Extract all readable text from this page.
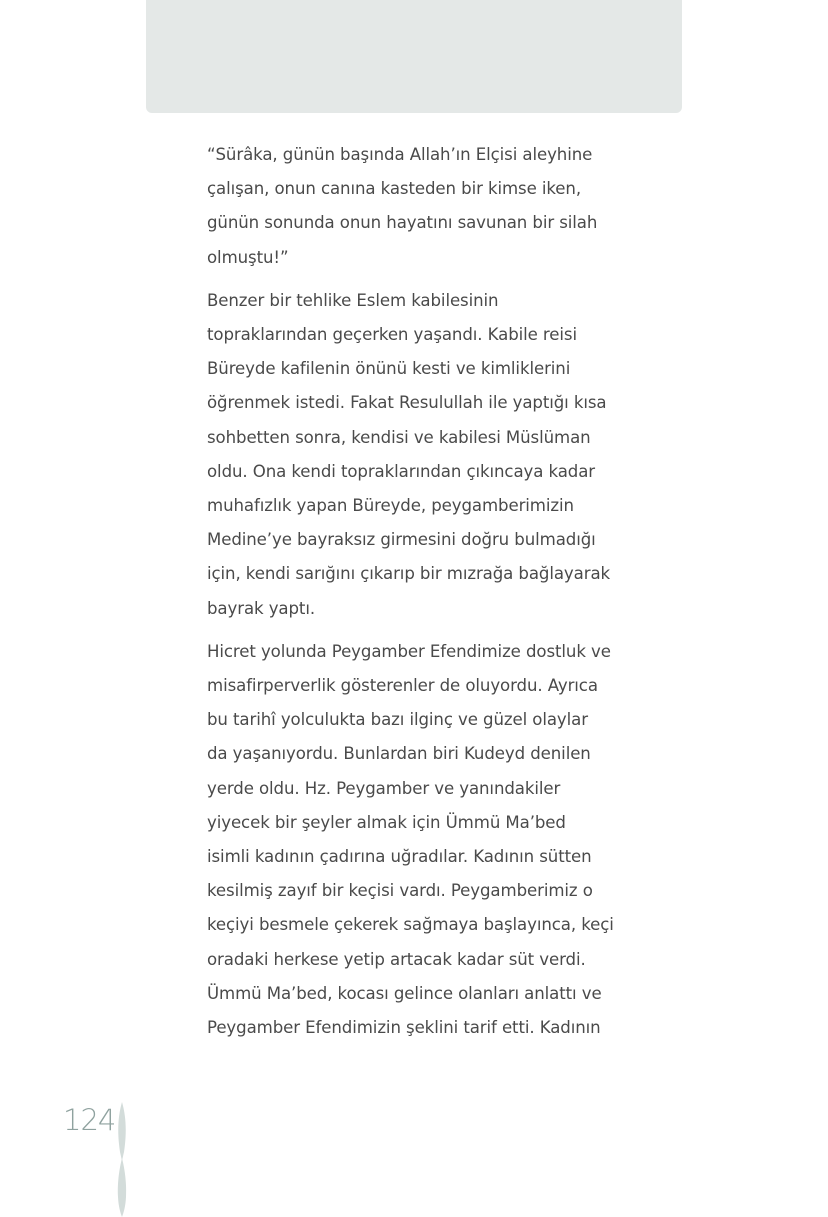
“Sürâka, günün başında Allah’ın Elçisi aleyhine
çalışan, onun canına kasteden bir kimse iken,
günün sonunda onun hayatını savunan bir silah
olmuştu!”

Benzer bir tehlike Eslem kabilesinin
topraklarından geçerken yaşandı. Kabile reisi
Büreyde kafilenin önünü kesti ve kimliklerini
öğrenmek istedi. Fakat Resulullah ile yaptığı kısa
sohbetten sonra, kendisi ve kabilesi Müslüman
oldu. Ona kendi topraklarından çıkıncaya kadar
muhafızlık yapan Büreyde, peygamberimizin
Medine’ye bayraksız girmesini doğru bulmadığı
için, kendi sarığını çıkarıp bir mızrağa bağlayarak
bayrak yaptı.

Hicret yolunda Peygamber Efendimize dostluk ve
misafirperverlik gösterenler de oluyordu. Ayrıca
bu tarihî yolculukta bazı ilginç ve güzel olaylar
da yaşanıyordu. Bunlardan biri Kudeyd denilen
yerde oldu. Hz. Peygamber ve yanındakiler
yiyecek bir şeyler almak için Ümmü Ma’bed
isimli kadının çadırına uğradılar. Kadının sütten
kesilmiş zayıf bir keçisi vardı. Peygamberimiz o
keçiyi besmele çekerek sağmaya başlayınca, keçi
oradaki herkese yetip artacak kadar süt verdi.
Ümmü Ma’bed, kocası gelince olanları anlattı ve
Peygamber Efendimizin şeklini tarif etti. Kadının

124
